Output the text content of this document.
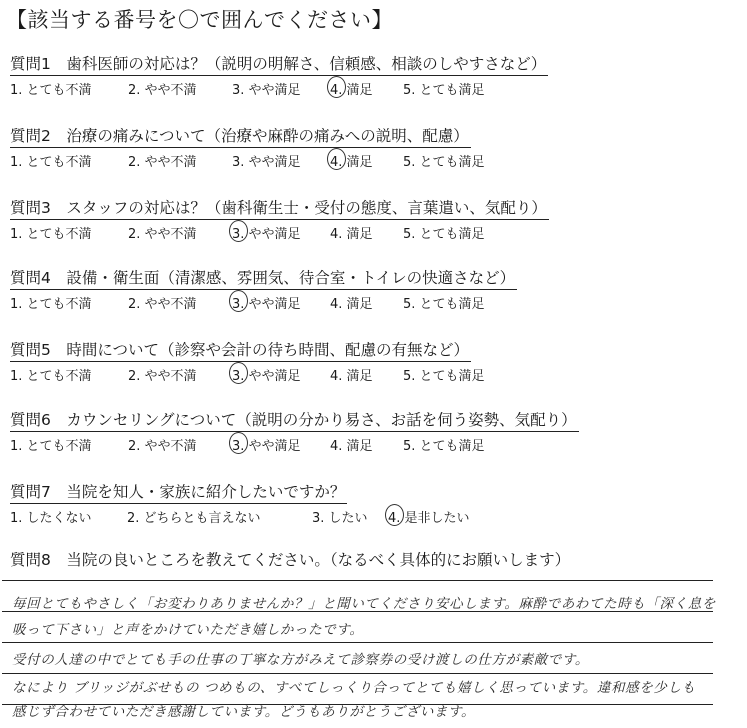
【該当する番号を〇で囲んでください】
質問1　歯科医師の対応は？（説明の明解さ、信頼感、相談のしやすさなど）
1. とても不満	2. やや不満	3. やや満足 4. 満足 5. とても満足
質問2　治療の痛みについて（治療や麻酔の痛みへの説明、配慮）
1. とても不満	2. やや不満	3. やや満足 4. 満足 5. とても満足
質問3　スタッフの対応は？（歯科衛生士・受付の態度、言葉遣い、気配り）
1. とても不満	2. やや不満	3. やや満足 4. 満足 5. とても満足
質問4　設備・衛生面（清潔感、雰囲気、待合室・トイレの快適さなど）
1. とても不満	2. やや不満	3. やや満足 4. 満足 5. とても満足
質問5　時間について（診察や会計の待ち時間、配慮の有無など）
1. とても不満	2. やや不満	3. やや満足 4. 満足 5. とても満足
質問6　カウンセリングについて（説明の分かり易さ、お話を伺う姿勢、気配り）
1. とても不満	2. やや不満	3. やや満足 4. 満足 5. とても満足
質問7　当院を知人・家族に紹介したいですか？
1. したくない	2. どちらとも言えない	3. したい 4. 是非したい
質問8　当院の良いところを教えてください。（なるべく具体的にお願いします）
毎回とてもやさしく「お変わりありませんか？」と聞いてくださり安心します。麻酔であわてた時も「深く息を
吸って下さい」と声をかけていただき嬉しかったです。
受付の人達の中でとても手の仕事の丁寧な方がみえて診察券の受け渡しの仕方が素敵です。
なにより ブリッジがぶせもの つめもの、すべてしっくり合ってとても嬉しく思っています。違和感を少しも
感じず合わせていただき感謝しています。どうもありがとうございます。
